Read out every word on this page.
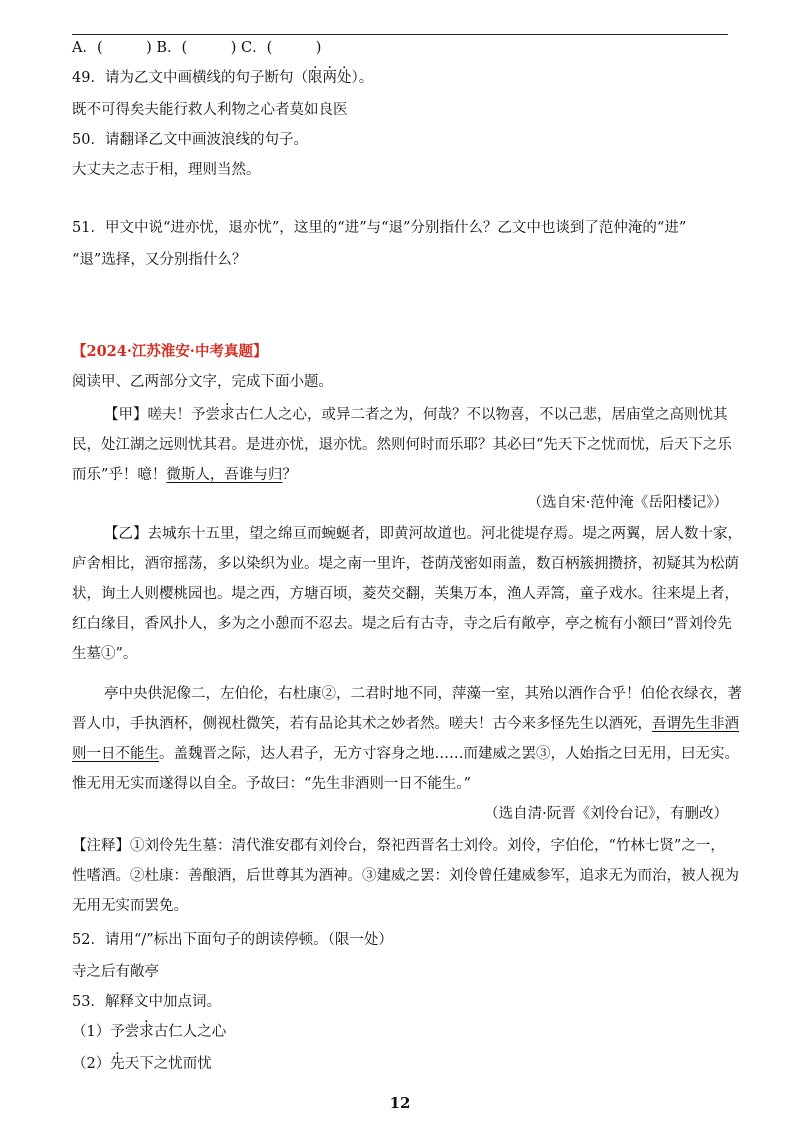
A．(　　　) B．(　　　) C．(　　　)
49．请为乙文中画横线的句子断句（限两处）。
既不可得矣夫能行救人利物之心者莫如良医
50．请翻译乙文中画波浪线的句子。
大丈夫之志于相，理则当然。
51．甲文中说“进亦忧，退亦忧”，这里的“进”与“退”分别指什么？乙文中也谈到了范仲淹的“进”
“退”选择，又分别指什么？
【2024·江苏淮安·中考真题】
阅读甲、乙两部分文字，完成下面小题。
【甲】嗟夫！予尝求古仁人之心，或异二者之为，何哉？不以物喜，不以己悲，居庙堂之高则忧其
民，处江湖之远则忧其君。是进亦忧，退亦忧。然则何时而乐耶？其必曰“先天下之忧而忧，后天下之乐
而乐”乎！噫！微斯人，吾谁与归？
（选自宋·范仲淹《岳阳楼记》）
【乙】去城东十五里，望之绵亘而蜿蜒者，即黄河故道也。河北徙堤存焉。堤之两翼，居人数十家，
庐舍相比，酒帘摇荡，多以染织为业。堤之南一里许，苍荫茂密如雨盖，数百柄簇拥攒挤，初疑其为松荫
状，询土人则樱桃园也。堤之西，方塘百顷，菱芡交翻，芙集万本，渔人弄篙，童子戏水。往来堤上者，
红白缘目，香风扑人，多为之小憩而不忍去。堤之后有古寺，寺之后有敞亭，亭之梳有小额曰“晋刘伶先
生墓①”。
亭中央供泥像二，左伯伦，右杜康②，二君时地不同，萍藻一室，其殆以酒作合乎！伯伦衣绿衣，著
晋人巾，手执酒杯，侧视杜微笑，若有品论其术之妙者然。嗟夫！古今来多怪先生以酒死，吾谓先生非酒
则一日不能生。盖魏晋之际，达人君子，无方寸容身之地……而建威之罢③，人始指之曰无用，曰无实。
惟无用无实而遂得以自全。予故曰：“先生非酒则一日不能生。”
（选自清·阮晋《刘伶台记》，有删改）
【注释】①刘伶先生墓：清代淮安郡有刘伶台，祭祀西晋名士刘伶。刘伶，字伯伦，“竹林七贤”之一，
性嗜酒。②杜康：善酿酒，后世尊其为酒神。③建威之罢：刘伶曾任建威参军，追求无为而治，被人视为
无用无实而罢免。
52．请用“/”标出下面句子的朗读停顿。（限一处）
寺之后有敞亭
53．解释文中加点词。
（1）予尝求古仁人之心
（2）先天下之忧而忧
12
